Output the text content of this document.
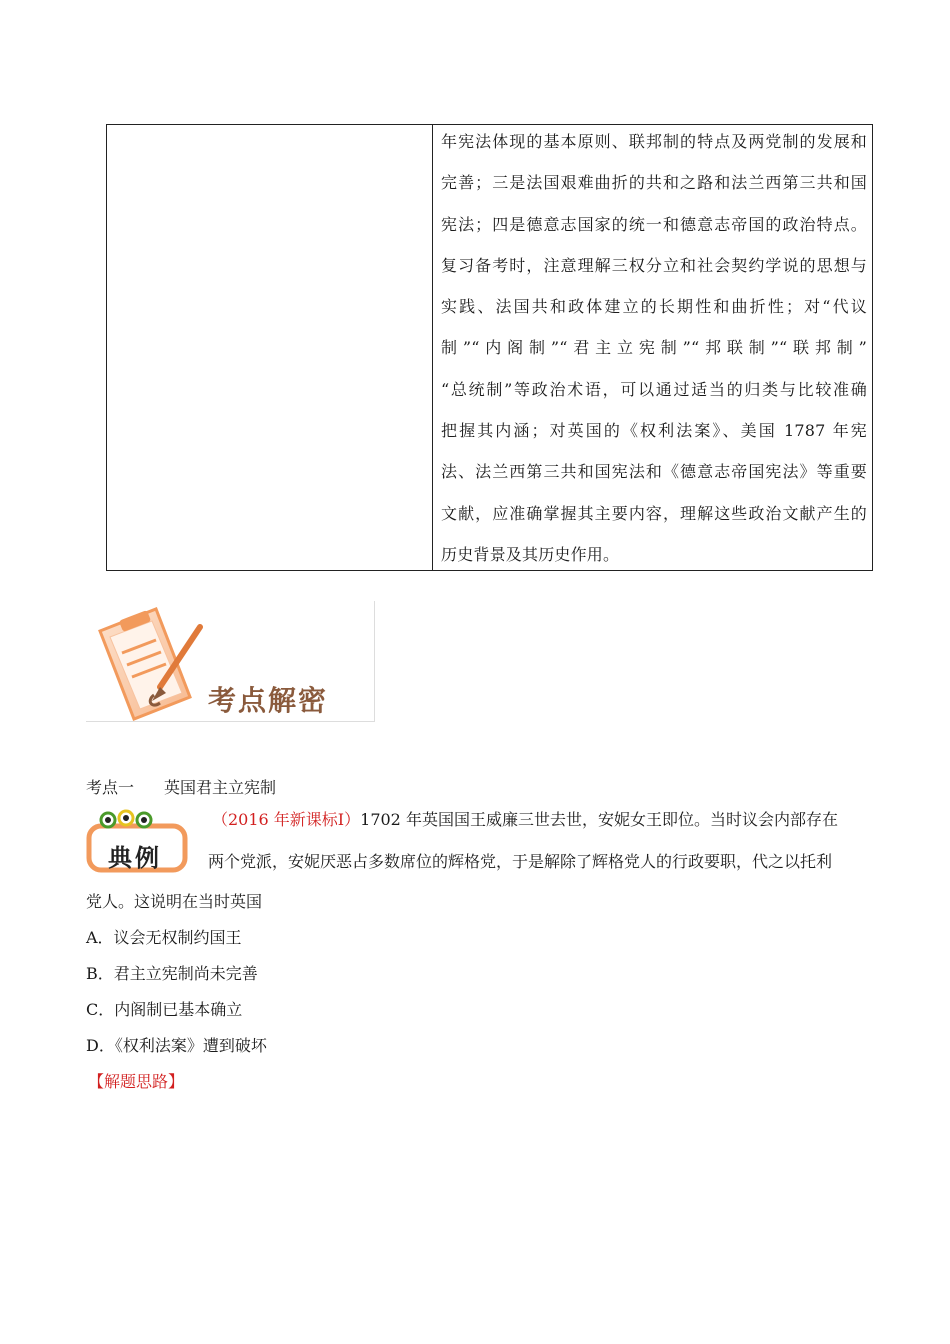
年宪法体现的基本原则、联邦制的特点及两党制的发展和
完善；三是法国艰难曲折的共和之路和法兰西第三共和国
宪法；四是德意志国家的统一和德意志帝国的政治特点。
复习备考时，注意理解三权分立和社会契约学说的思想与
实践、法国共和政体建立的长期性和曲折性；对“代议
制”“内阁制”“君主立宪制”“邦联制”“联邦制”
“总统制”等政治术语，可以通过适当的归类与比较准确
把握其内涵；对英国的《权利法案》、美国 1787 年宪
法、法兰西第三共和国宪法和《德意志帝国宪法》等重要
文献，应准确掌握其主要内容，理解这些政治文献产生的
历史背景及其历史作用。
考点解密
考点一 英国君主立宪制
典例
（2016 年新课标Ⅰ）1702 年英国国王威廉三世去世，安妮女王即位。当时议会内部存在
两个党派，安妮厌恶占多数席位的辉格党，于是解除了辉格党人的行政要职，代之以托利
党人。这说明在当时英国
A．议会无权制约国王
B．君主立宪制尚未完善
C．内阁制已基本确立
D．《权利法案》遭到破坏
【解题思路】
